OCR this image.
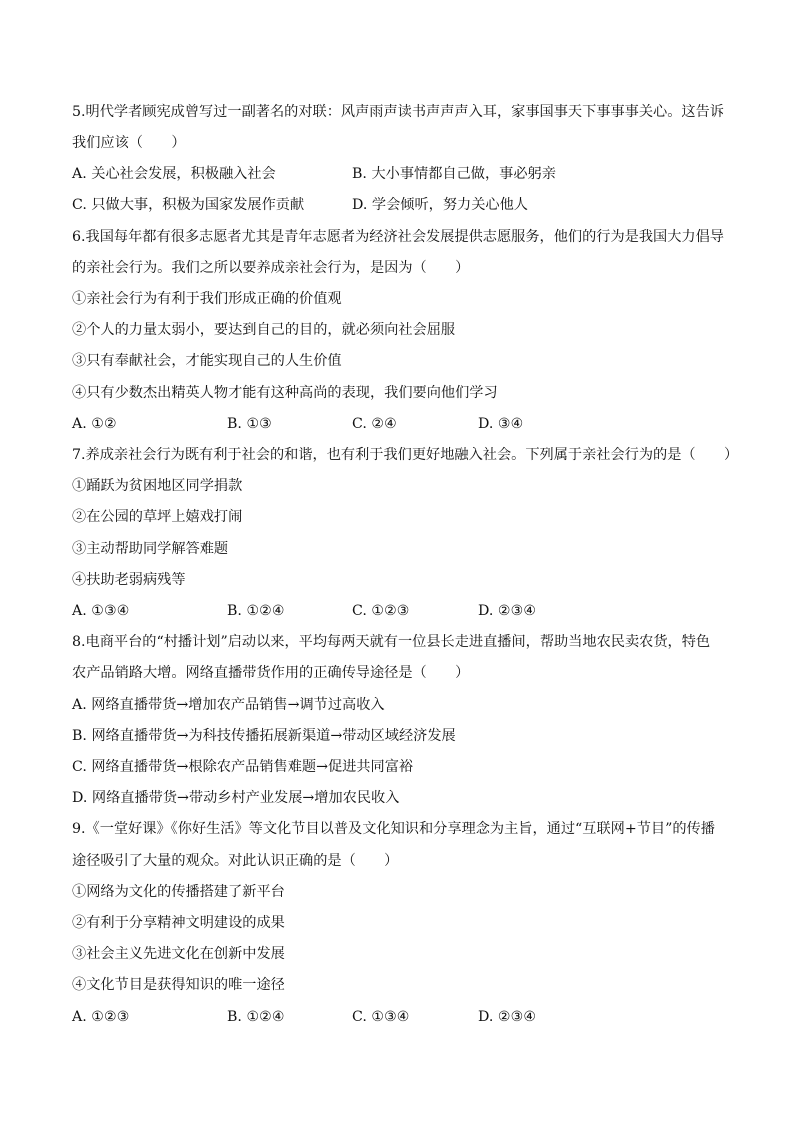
5.明代学者顾宪成曾写过一副著名的对联：风声雨声读书声声声入耳，家事国事天下事事事关心。这告诉
我们应该（　　）
A. 关心社会发展，积极融入社会	B. 大小事情都自己做，事必躬亲
C. 只做大事，积极为国家发展作贡献	D. 学会倾听，努力关心他人
6.我国每年都有很多志愿者尤其是青年志愿者为经济社会发展提供志愿服务，他们的行为是我国大力倡导
的亲社会行为。我们之所以要养成亲社会行为，是因为（　　）
①亲社会行为有利于我们形成正确的价值观
②个人的力量太弱小，要达到自己的目的，就必须向社会屈服
③只有奉献社会，才能实现自己的人生价值
④只有少数杰出精英人物才能有这种高尚的表现，我们要向他们学习
A. ①②	B. ①③	C. ②④	D. ③④
7.养成亲社会行为既有利于社会的和谐，也有利于我们更好地融入社会。下列属于亲社会行为的是（　　）
①踊跃为贫困地区同学捐款
②在公园的草坪上嬉戏打闹
③主动帮助同学解答难题
④扶助老弱病残等
A. ①③④	B. ①②④	C. ①②③	D. ②③④
8.电商平台的“村播计划”启动以来，平均每两天就有一位县长走进直播间，帮助当地农民卖农货，特色
农产品销路大增。网络直播带货作用的正确传导途径是（　　）
A. 网络直播带货→增加农产品销售→调节过高收入
B. 网络直播带货→为科技传播拓展新渠道→带动区域经济发展
C. 网络直播带货→根除农产品销售难题→促进共同富裕
D. 网络直播带货→带动乡村产业发展→增加农民收入
9.《一堂好课》《你好生活》等文化节目以普及文化知识和分享理念为主旨，通过“互联网+节目”的传播
途径吸引了大量的观众。对此认识正确的是（　　）
①网络为文化的传播搭建了新平台
②有利于分享精神文明建设的成果
③社会主义先进文化在创新中发展
④文化节目是获得知识的唯一途径
A. ①②③	B. ①②④	C. ①③④	D. ②③④
